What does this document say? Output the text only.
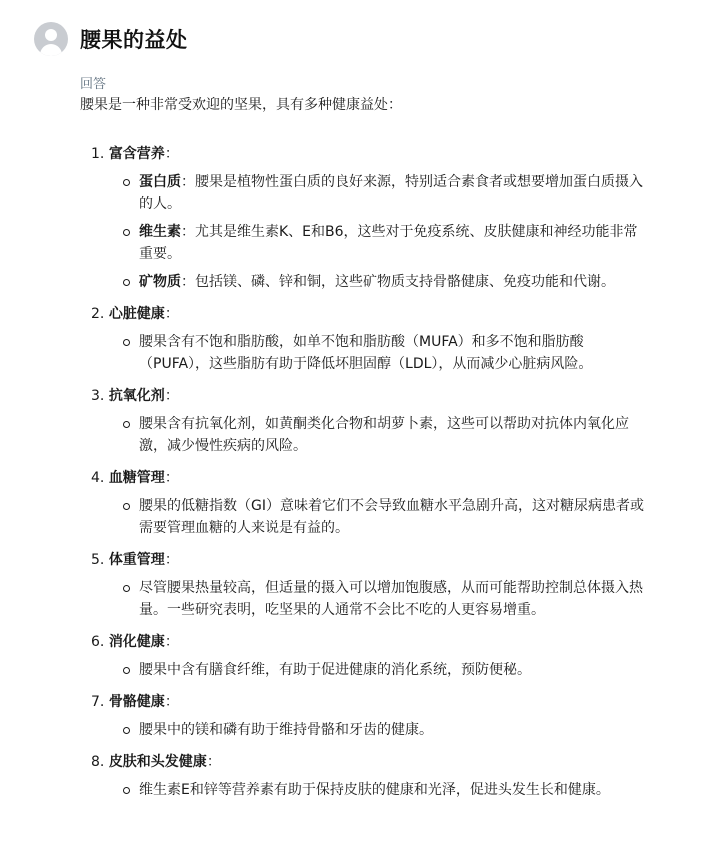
腰果的益处
回答
腰果是一种非常受欢迎的坚果，具有多种健康益处：
1. 富含营养：
蛋白质：腰果是植物性蛋白质的良好来源，特别适合素食者或想要增加蛋白质摄入的人。
维生素：尤其是维生素K、E和B6，这些对于免疫系统、皮肤健康和神经功能非常重要。
矿物质：包括镁、磷、锌和铜，这些矿物质支持骨骼健康、免疫功能和代谢。
2. 心脏健康：
腰果含有不饱和脂肪酸，如单不饱和脂肪酸（MUFA）和多不饱和脂肪酸（PUFA），这些脂肪有助于降低坏胆固醇（LDL），从而减少心脏病风险。
3. 抗氧化剂：
腰果含有抗氧化剂，如黄酮类化合物和胡萝卜素，这些可以帮助对抗体内氧化应激，减少慢性疾病的风险。
4. 血糖管理：
腰果的低糖指数（GI）意味着它们不会导致血糖水平急剧升高，这对糖尿病患者或需要管理血糖的人来说是有益的。
5. 体重管理：
尽管腰果热量较高，但适量的摄入可以增加饱腹感，从而可能帮助控制总体摄入热量。一些研究表明，吃坚果的人通常不会比不吃的人更容易增重。
6. 消化健康：
腰果中含有膳食纤维，有助于促进健康的消化系统，预防便秘。
7. 骨骼健康：
腰果中的镁和磷有助于维持骨骼和牙齿的健康。
8. 皮肤和头发健康：
维生素E和锌等营养素有助于保持皮肤的健康和光泽，促进头发生长和健康。
